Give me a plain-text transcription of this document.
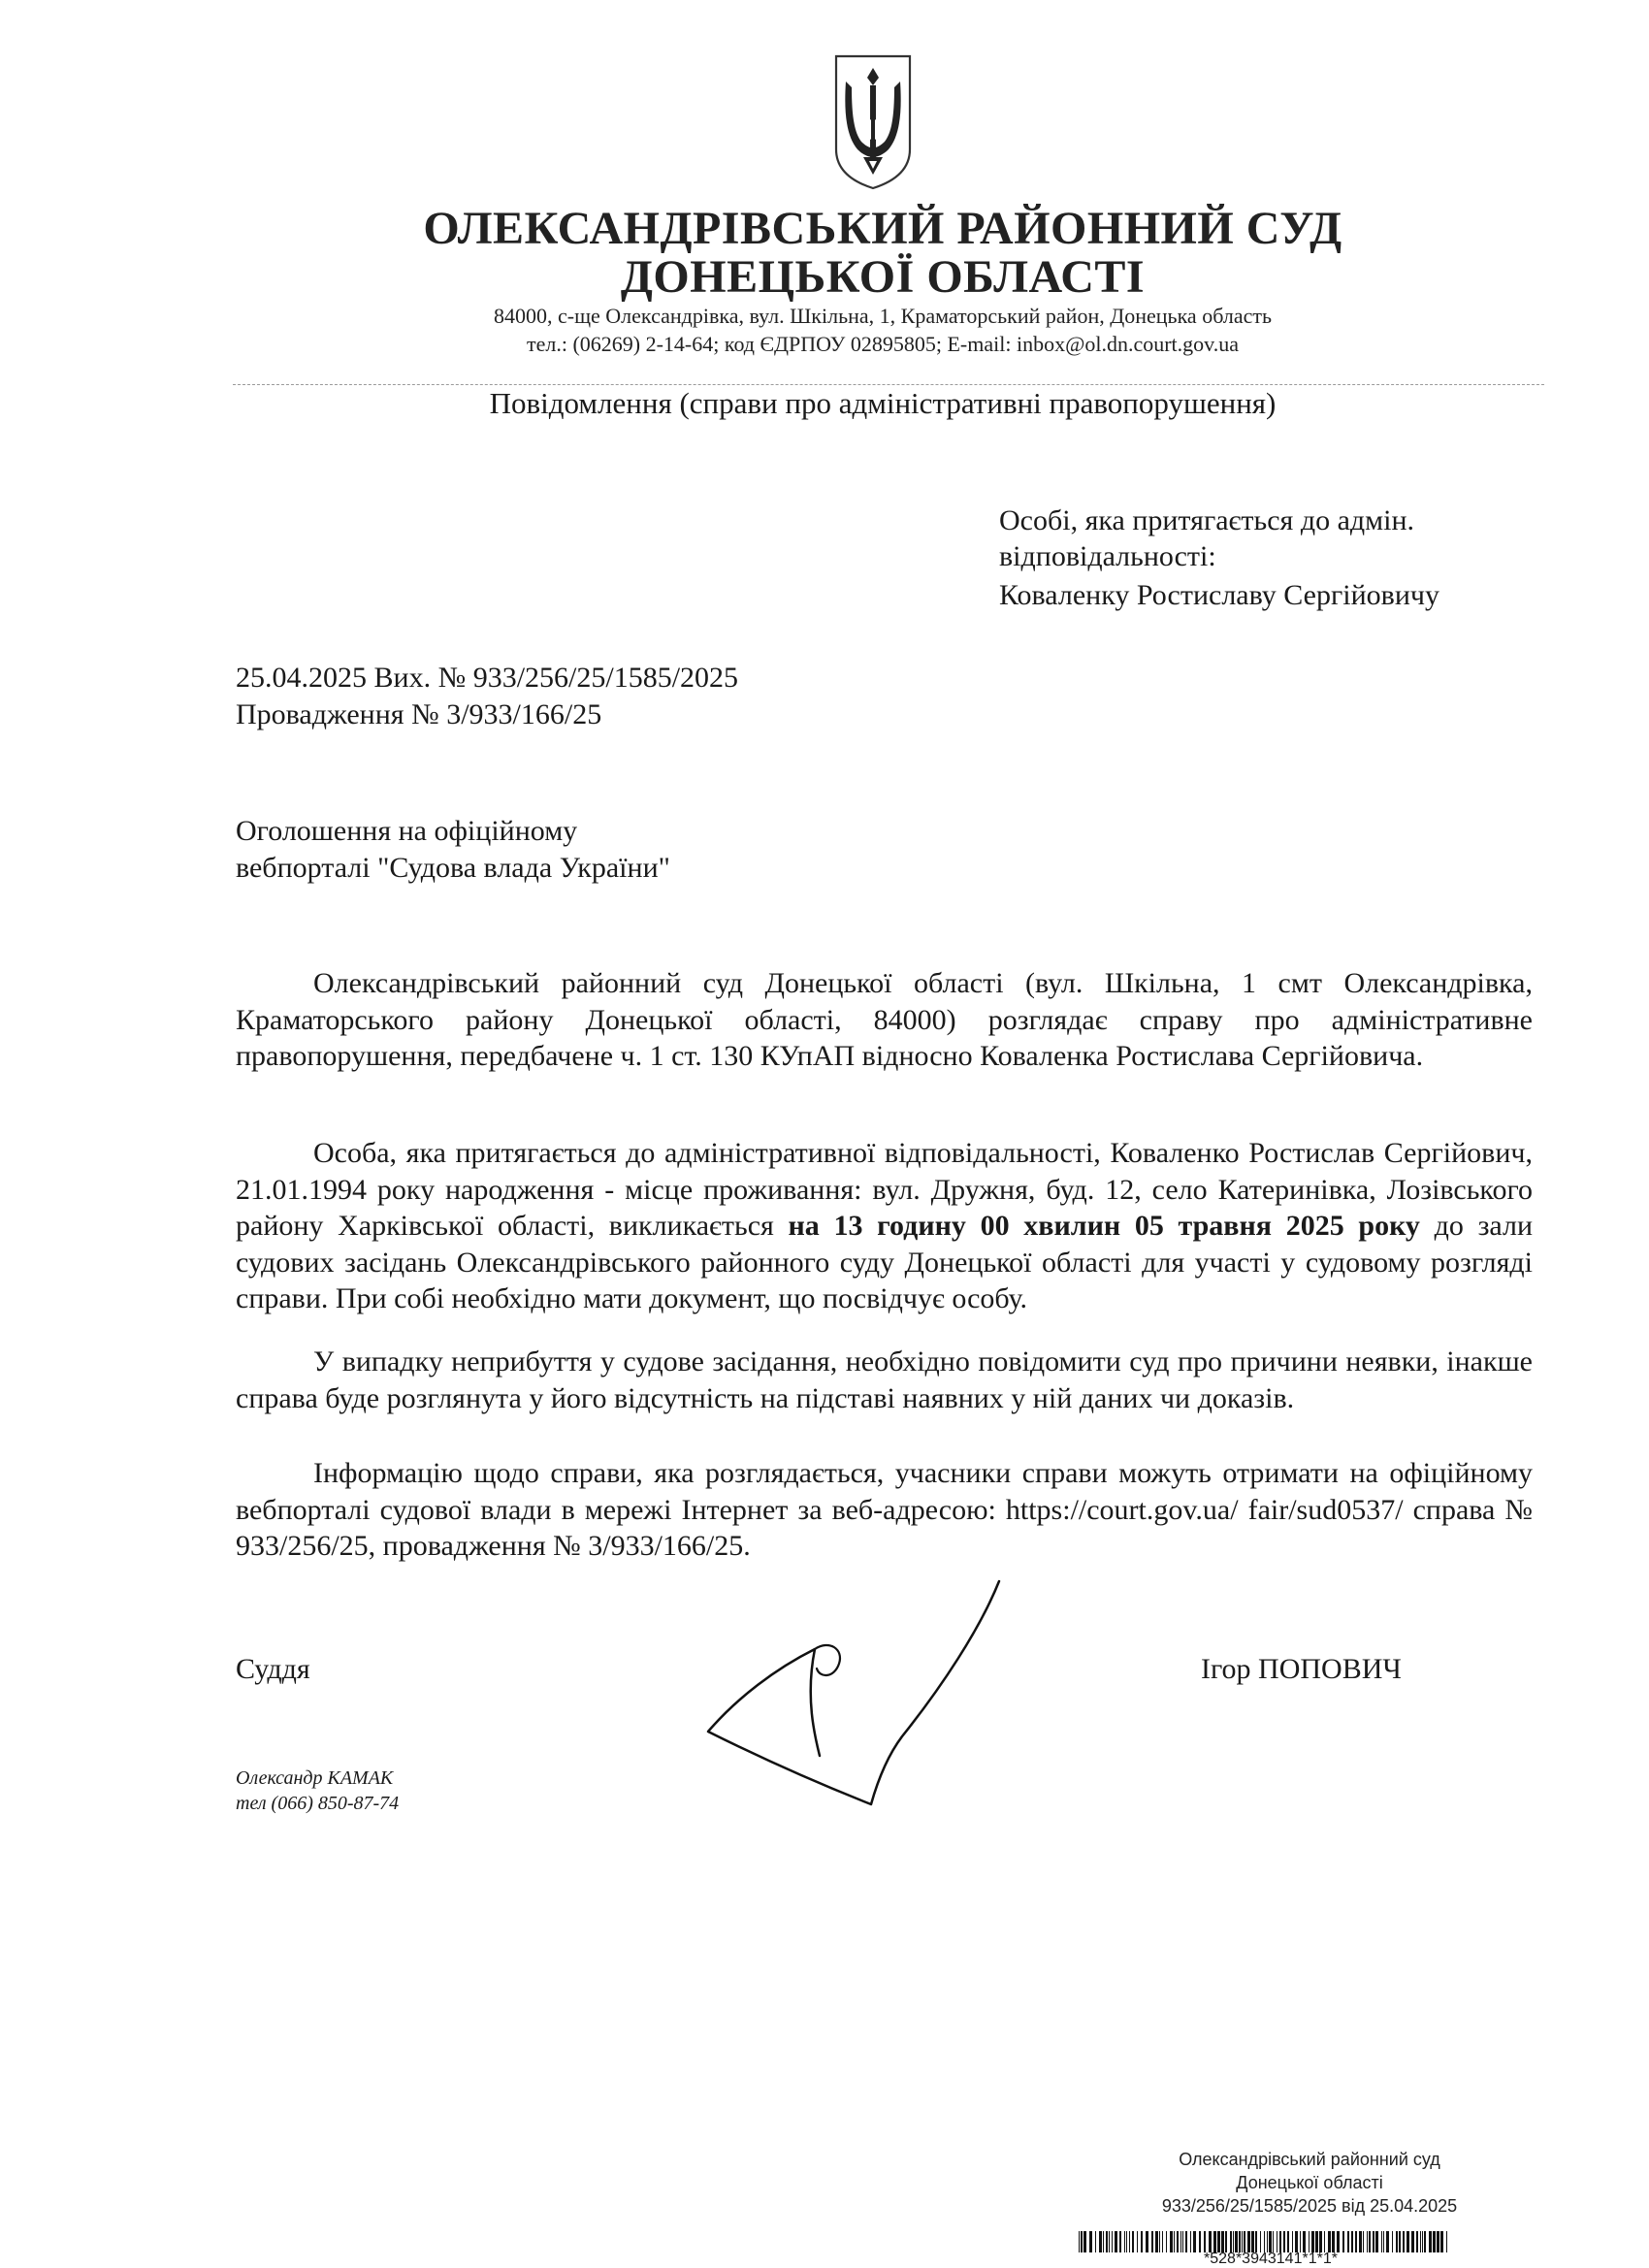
ОЛЕКСАНДРІВСЬКИЙ РАЙОННИЙ СУД
ДОНЕЦЬКОЇ ОБЛАСТІ
84000, с-ще Олександрівка, вул. Шкільна, 1, Краматорський район, Донецька область
тел.: (06269) 2-14-64; код ЄДРПОУ 02895805; E-mail: inbox@ol.dn.court.gov.ua
Повідомлення (справи про адміністративні правопорушення)
Особі, яка притягається до адмін.
відповідальності:
Коваленку Ростиславу Сергійовичу
25.04.2025 Вих. № 933/256/25/1585/2025
Провадження № 3/933/166/25
Оголошення на офіційному
вебпорталі "Судова влада України"
Олександрівський районний суд Донецької області (вул. Шкільна, 1 смт Олександрівка, Краматорського району Донецької області, 84000) розглядає справу про адміністративне правопорушення, передбачене ч. 1 ст. 130 КУпАП відносно Коваленка Ростислава Сергійовича.
Особа, яка притягається до адміністративної відповідальності, Коваленко Ростислав Сергійович, 21.01.1994 року народження - місце проживання: вул. Дружня, буд. 12, село Катеринівка, Лозівського району Харківської області, викликається на 13 годину 00 хвилин 05 травня 2025 року до зали судових засідань Олександрівського районного суду Донецької області для участі у судовому розгляді справи. При собі необхідно мати документ, що посвідчує особу.
У випадку неприбуття у судове засідання, необхідно повідомити суд про причини неявки, інакше справа буде розглянута у його відсутність на підставі наявних у ній даних чи доказів.
Інформацію щодо справи, яка розглядається, учасники справи можуть отримати на офіційному вебпорталі судової влади в мережі Інтернет за веб-адресою: https://court.gov.ua/ fair/sud0537/ справа № 933/256/25, провадження № 3/933/166/25.
Суддя	Ігор ПОПОВИЧ
Олександр КАМАК
тел (066) 850-87-74
Олександрівський районний суд
Донецької області
933/256/25/1585/2025 від 25.04.2025
*528*3943141*1*1*
